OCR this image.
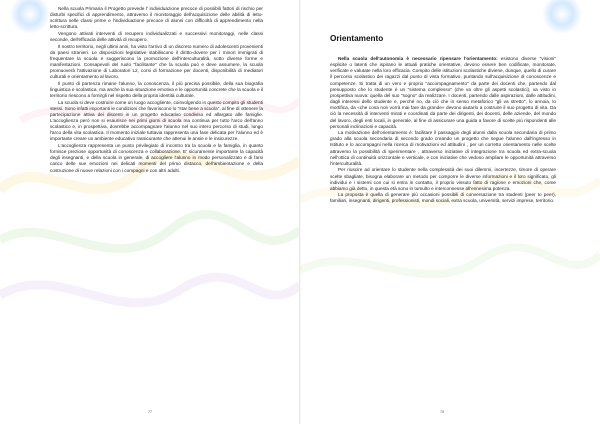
Nella scuola Primaria il Progetto prevede l' individuazione precoce di possibili fattori di rischio per disturbi specifici di apprendimento, attraverso il monitoraggio dell'acquisizione delle abilità di letto-scrittura nelle classi prime e l'individuazione precoce di alunni con difficoltà di apprendimento nella letto-scrittura.

Vengono attivati interventi di recupero individualizzati e successivi monitoraggi, nelle classi seconde, dell'efficacia delle attività di recupero.

Il nostro territorio, negli ultimi anni, ha visto l'arrivo di un discreto numero di adolescenti provenienti da paesi stranieri. Le disposizioni legislative stabiliscono il diritto-dovere per i minori immigrati di frequentare la scuola e suggeriscono la promozione dell'interculturalità, sotto diverse forme e manifestazioni. Consapevoli del ruolo "facilitante" che la scuola può e deve assumere, la scuola promuoverà l'attivazione di Laboratori L2, corsi di formazione per docenti, disponibilità di mediatori culturali e orientamento al lavoro.

Il punto di partenza rimane l'alunno, la conoscenza, il più precisa possibile, della sua biografia linguistica e scolastica, ma anche la sua situazione emotiva e le opportunità concrete che la scuola e il territorio riescono a fornirgli nel rispetto della propria identità culturale.

La scuola si deve costruire come un luogo accogliente, coinvolgendo in questo compito gli studenti stessi. Sono infatti importanti le condizioni che favoriscono lo "star bene a scuola", al fine di ottenere la partecipazione attiva dei discenti in un progetto educativo condiviso ed allargato alle famiglie. L'accoglienza però non si esaurisce nei primi giorni di scuola ma continua per tutto l'arco dell'anno scolastico e, in prospettiva, dovrebbe accompagnare l'alunno nel suo intero percorso di studi, lungo l'arco della vita scolastica. Il momento iniziale tuttavia rappresenta una fase delicata per l'alunno ed è importante creare un ambiente educativo rassicurante che attenui le ansie e le insicurezze.

L'accoglienza rappresenta un punto privilegiato di incontro tra la scuola e la famiglia, in quanto fornisce preziose opportunità di conoscenza e collaborazione. E' sicuramente importante la capacità degli insegnanti, e della scuola in generale, di accogliere l'alunno in modo personalizzato e di farsi carico delle sue emozioni nei delicati momenti del primo distacco, dell'ambientazione e della costruzione di nuove relazioni con i compagni e con altri adulti.

77
Orientamento

Nella scuola dell'autonomia è necessario ripensare l'orientamento: esistono diverse "visioni" esplicite o latenti che ispirano le attuali pratiche orientative, devono essere ben codificate, monitorate, verificate e valutate nella loro efficacia. Compito delle istituzioni scolastiche diviene, dunque, quello di curare il percorso scolastico dei ragazzi dal punto di vista formativo, puntando sull'acquisizione di conoscenze e competenze. Si tratta di un vero e proprio "accompagnamento" da parte dei docenti che, partendo dal presupposto che lo studente è un "sistema complesso" (che va oltre gli aspetti scolastici), va visto in prospettiva nuova: quella del suo "sogno" da realizzare. I docenti, partendo dalle aspirazioni, dalle attitudini, dagli interessi dello studente e, perché no, da ciò che in senso metaforico "gli va stretto", lo annoia, lo mortifica, da «che cosa non vorrà mai fare da grande» devono aiutarlo a costruire il suo progetto di vita. Da ciò la necessità di interventi mirati e coordinati da parte dei dirigenti, dei docenti, delle aziende, del mondo del lavoro, degli enti locali, in generale, al fine di assicurare una guida a favore di scelte più rispondenti alle personali inclinazioni e capacità.

La motivazione dell'orientamento è: facilitare il passaggio degli alunni dalla scuola secondaria di primo grado alla scuola secondaria di secondo grado creando un progetto che segue l'alunno dall'ingresso in Istituto e lo accompagni nella ricerca di motivazioni ed attitudini , per un corretto orientamento nelle scelte attraverso la possibilità di sperimentare , attraverso iniziative di integrazione tra scuola ed extra-scuola nell'ottica di continuità orizzontale e verticale, e con iniziative che vedono ampliare le opportunità attraverso l'interculturalità.

Per riuscire ad orientare lo studente nella complessità dei suoi dilemmi, incertezze, timore di operare scelte sbagliate, bisogna elaborare un metodo per comporre le diverse informazioni e il loro significato, gli individui e i sistemi con cui si entra in contatto, il proprio vissuto fatto di ragione e emozioni che, come abbiamo già detto, in questa età sono in tumulto e interconnesse all'ennesima potenza.

La proposta è quella di generare più occasioni possibili di conversazione tra studenti (peer to peer), familiari, insegnanti, dirigenti, professionisti, mondi sociali, extra scuola, università, servizi imprese, territorio.

78
